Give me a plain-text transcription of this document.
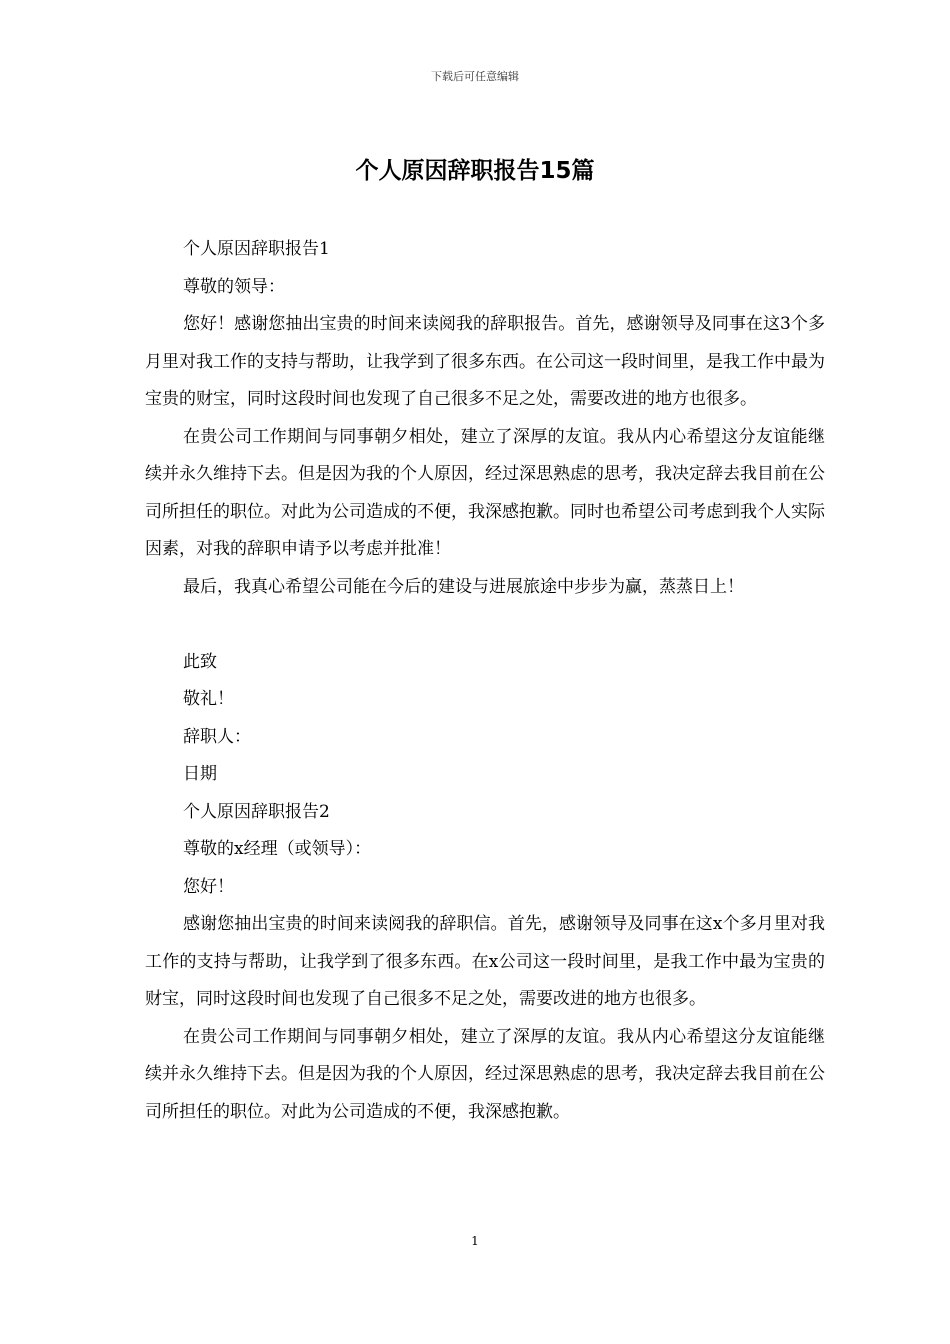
下载后可任意编辑
个人原因辞职报告15篇

个人原因辞职报告1

尊敬的领导：

您好！感谢您抽出宝贵的时间来读阅我的辞职报告。首先，感谢领导及同事在这3个多月里对我工作的支持与帮助，让我学到了很多东西。在公司这一段时间里，是我工作中最为宝贵的财宝，同时这段时间也发现了自己很多不足之处，需要改进的地方也很多。

在贵公司工作期间与同事朝夕相处，建立了深厚的友谊。我从内心希望这分友谊能继续并永久维持下去。但是因为我的个人原因，经过深思熟虑的思考，我决定辞去我目前在公司所担任的职位。对此为公司造成的不便，我深感抱歉。同时也希望公司考虑到我个人实际因素，对我的辞职申请予以考虑并批准！

最后，我真心希望公司能在今后的建设与进展旅途中步步为赢，蒸蒸日上！

此致

敬礼！

辞职人：

日期

个人原因辞职报告2

尊敬的x经理（或领导）：

您好！

感谢您抽出宝贵的时间来读阅我的辞职信。首先，感谢领导及同事在这x个多月里对我工作的支持与帮助，让我学到了很多东西。在x公司这一段时间里，是我工作中最为宝贵的财宝，同时这段时间也发现了自己很多不足之处，需要改进的地方也很多。

在贵公司工作期间与同事朝夕相处，建立了深厚的友谊。我从内心希望这分友谊能继续并永久维持下去。但是因为我的个人原因，经过深思熟虑的思考，我决定辞去我目前在公司所担任的职位。对此为公司造成的不便，我深感抱歉。

1
